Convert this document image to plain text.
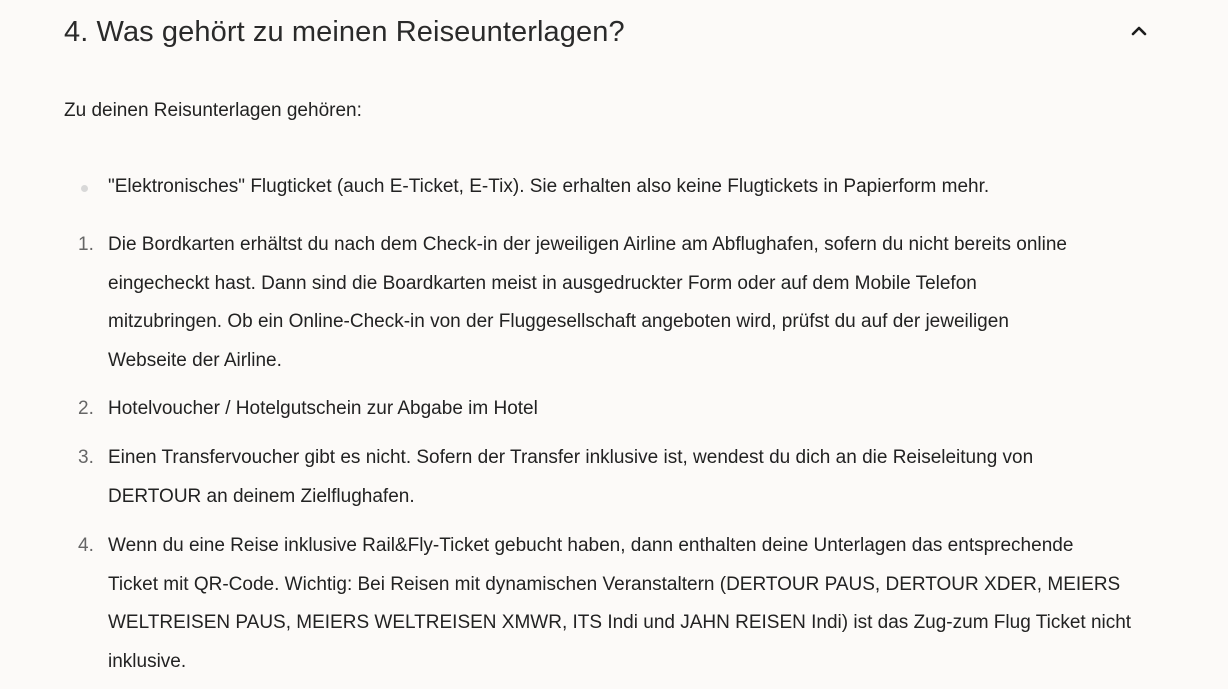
4. Was gehört zu meinen Reiseunterlagen?

Zu deinen Reisunterlagen gehören:

"Elektronisches" Flugticket (auch E-Ticket, E-Tix). Sie erhalten also keine Flugtickets in Papierform mehr.
1. Die Bordkarten erhältst du nach dem Check-in der jeweiligen Airline am Abflughafen, sofern du nicht bereits online
eingecheckt hast. Dann sind die Boardkarten meist in ausgedruckter Form oder auf dem Mobile Telefon
mitzubringen. Ob ein Online-Check-in von der Fluggesellschaft angeboten wird, prüfst du auf der jeweiligen
Webseite der Airline.
2. Hotelvoucher / Hotelgutschein zur Abgabe im Hotel
3. Einen Transfervoucher gibt es nicht. Sofern der Transfer inklusive ist, wendest du dich an die Reiseleitung von
DERTOUR an deinem Zielflughafen.
4. Wenn du eine Reise inklusive Rail&Fly-Ticket gebucht haben, dann enthalten deine Unterlagen das entsprechende
Ticket mit QR-Code. Wichtig: Bei Reisen mit dynamischen Veranstaltern (DERTOUR PAUS, DERTOUR XDER, MEIERS
WELTREISEN PAUS, MEIERS WELTREISEN XMWR, ITS Indi und JAHN REISEN Indi) ist das Zug-zum Flug Ticket nicht
inklusive.
